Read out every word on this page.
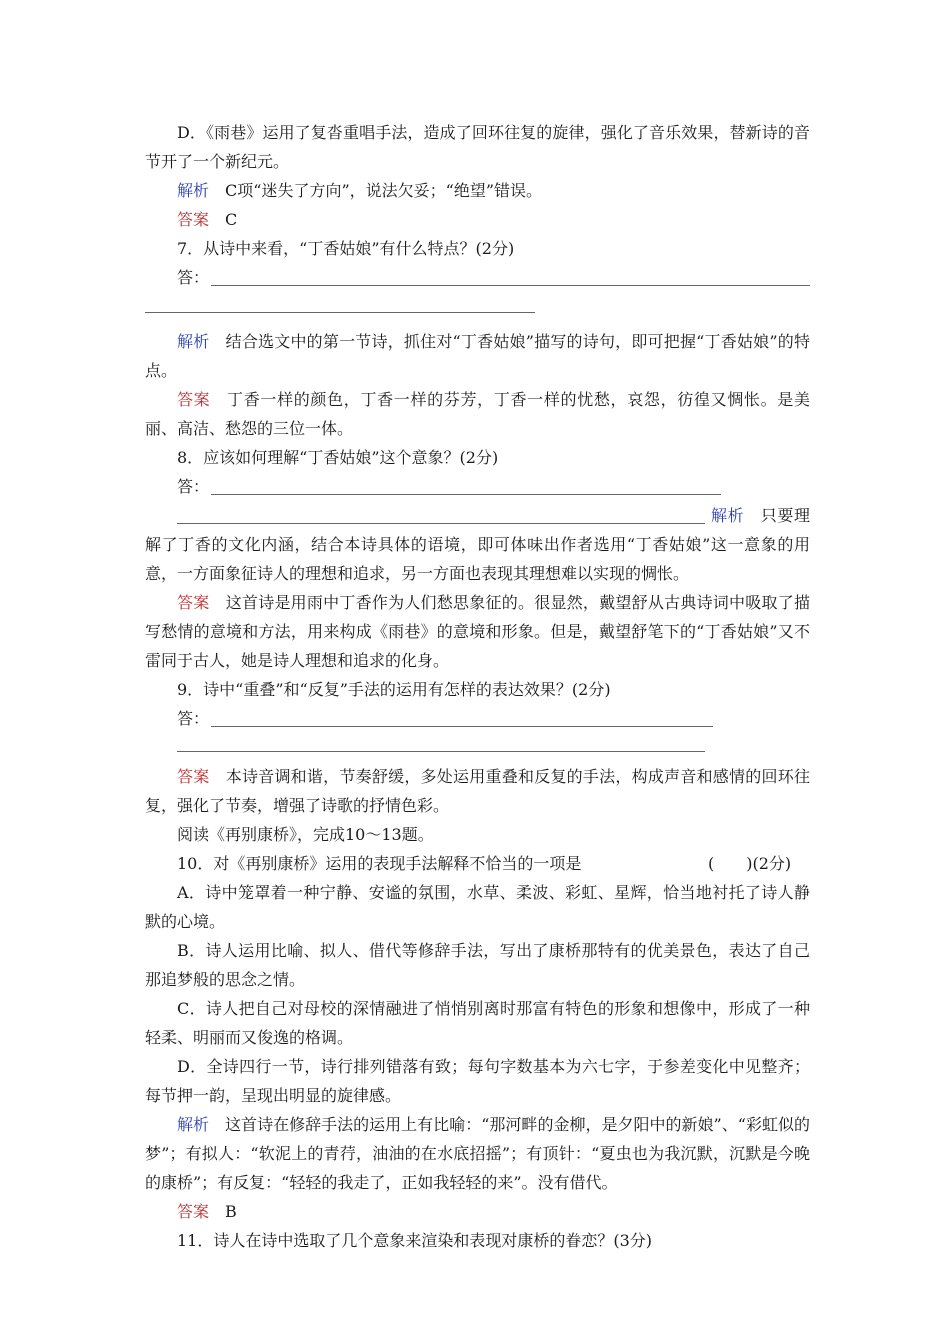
D．《雨巷》运用了复沓重唱手法，造成了回环往复的旋律，强化了音乐效果，替新诗的音节开了一个新纪元。

解析　 C项“迷失了方向”，说法欠妥；“绝望”错误。

答案　 C

7．从诗中来看，“丁香姑娘”有什么特点？(2分)

答：

解析　 结合选文中的第一节诗，抓住对“丁香姑娘”描写的诗句，即可把握“丁香姑娘”的特点。

答案　 丁香一样的颜色，丁香一样的芬芳，丁香一样的忧愁，哀怨，彷徨又惆怅。是美丽、高洁、愁怨的三位一体。

8．应该如何理解“丁香姑娘”这个意象？(2分)

答：

解析　 只要理解了丁香的文化内涵，结合本诗具体的语境，即可体味出作者选用“丁香姑娘”这一意象的用意，一方面象征诗人的理想和追求，另一方面也表现其理想难以实现的惆怅。

答案　 这首诗是用雨中丁香作为人们愁思象征的。很显然，戴望舒从古典诗词中吸取了描写愁情的意境和方法，用来构成《雨巷》的意境和形象。但是，戴望舒笔下的“丁香姑娘”又不雷同于古人，她是诗人理想和追求的化身。

9．诗中“重叠”和“反复”手法的运用有怎样的表达效果？(2分)

答：

答案　 本诗音调和谐，节奏舒缓，多处运用重叠和反复的手法，构成声音和感情的回环往复，强化了节奏，增强了诗歌的抒情色彩。

阅读《再别康桥》，完成10～13题。

10．对《再别康桥》运用的表现手法解释不恰当的一项是	(　　)(2分)

A．诗中笼罩着一种宁静、安谧的氛围，水草、柔波、彩虹、星辉，恰当地衬托了诗人静默的心境。

B．诗人运用比喻、拟人、借代等修辞手法，写出了康桥那特有的优美景色，表达了自己那追梦般的思念之情。

C．诗人把自己对母校的深情融进了悄悄别离时那富有特色的形象和想像中，形成了一种轻柔、明丽而又俊逸的格调。

D．全诗四行一节，诗行排列错落有致；每句字数基本为六七字，于参差变化中见整齐；每节押一韵，呈现出明显的旋律感。

解析　 这首诗在修辞手法的运用上有比喻：“那河畔的金柳，是夕阳中的新娘”、“彩虹似的梦”；有拟人：“软泥上的青荇，油油的在水底招摇”；有顶针：“夏虫也为我沉默，沉默是今晚的康桥”；有反复：“轻轻的我走了，正如我轻轻的来”。没有借代。

答案　 B

11．诗人在诗中选取了几个意象来渲染和表现对康桥的眷恋？(3分)
